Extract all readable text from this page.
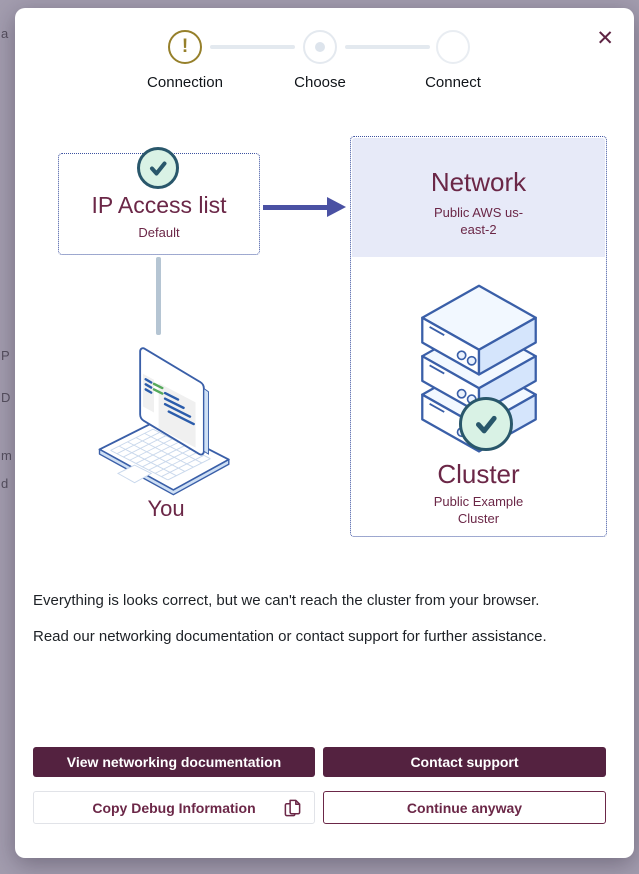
a
P
D
m
d
✕
!
Connection	Choose	Connect
IP Access list
Default
You
Network
Public AWS us-east-2
Cluster
Public Example Cluster

Everything is looks correct, but we can't reach the cluster from your browser.

Read our networking documentation or contact support for further assistance.

View networking documentation	Contact support
Copy Debug Information	Continue anyway
